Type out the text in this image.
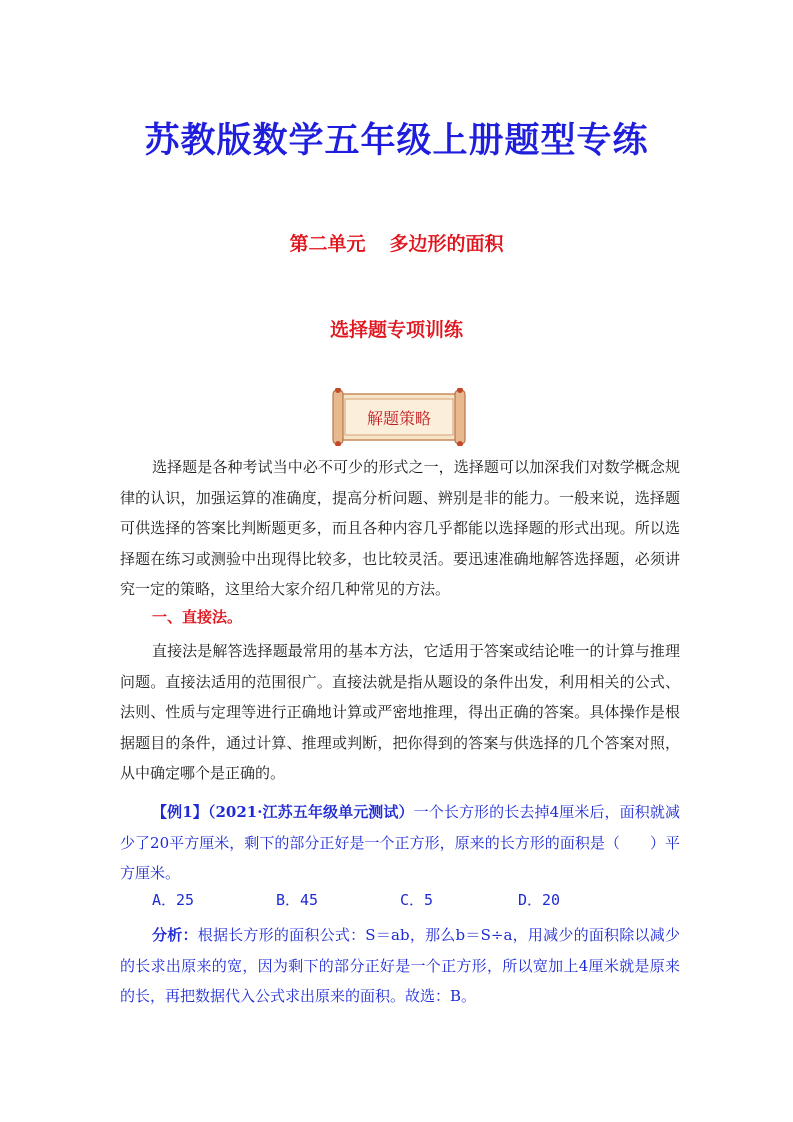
苏教版数学五年级上册题型专练
第二单元 多边形的面积
选择题专项训练
解题策略
选择题是各种考试当中必不可少的形式之一，选择题可以加深我们对数学概念规律的认识，加强运算的准确度，提高分析问题、辨别是非的能力。一般来说，选择题可供选择的答案比判断题更多，而且各种内容几乎都能以选择题的形式出现。所以选择题在练习或测验中出现得比较多，也比较灵活。要迅速准确地解答选择题，必须讲究一定的策略，这里给大家介绍几种常见的方法。
一、直接法。
直接法是解答选择题最常用的基本方法，它适用于答案或结论唯一的计算与推理问题。直接法适用的范围很广。直接法就是指从题设的条件出发，利用相关的公式、法则、性质与定理等进行正确地计算或严密地推理，得出正确的答案。具体操作是根据题目的条件，通过计算、推理或判断，把你得到的答案与供选择的几个答案对照，从中确定哪个是正确的。
【例1】（2021·江苏五年级单元测试）一个长方形的长去掉4厘米后，面积就减少了20平方厘米，剩下的部分正好是一个正方形，原来的长方形的面积是（　　）平方厘米。
A．25	B．45	C．5	D．20
分析：根据长方形的面积公式：S＝ab，那么b＝S÷a，用减少的面积除以减少的长求出原来的宽，因为剩下的部分正好是一个正方形，所以宽加上4厘米就是原来的长，再把数据代入公式求出原来的面积。故选：B。
